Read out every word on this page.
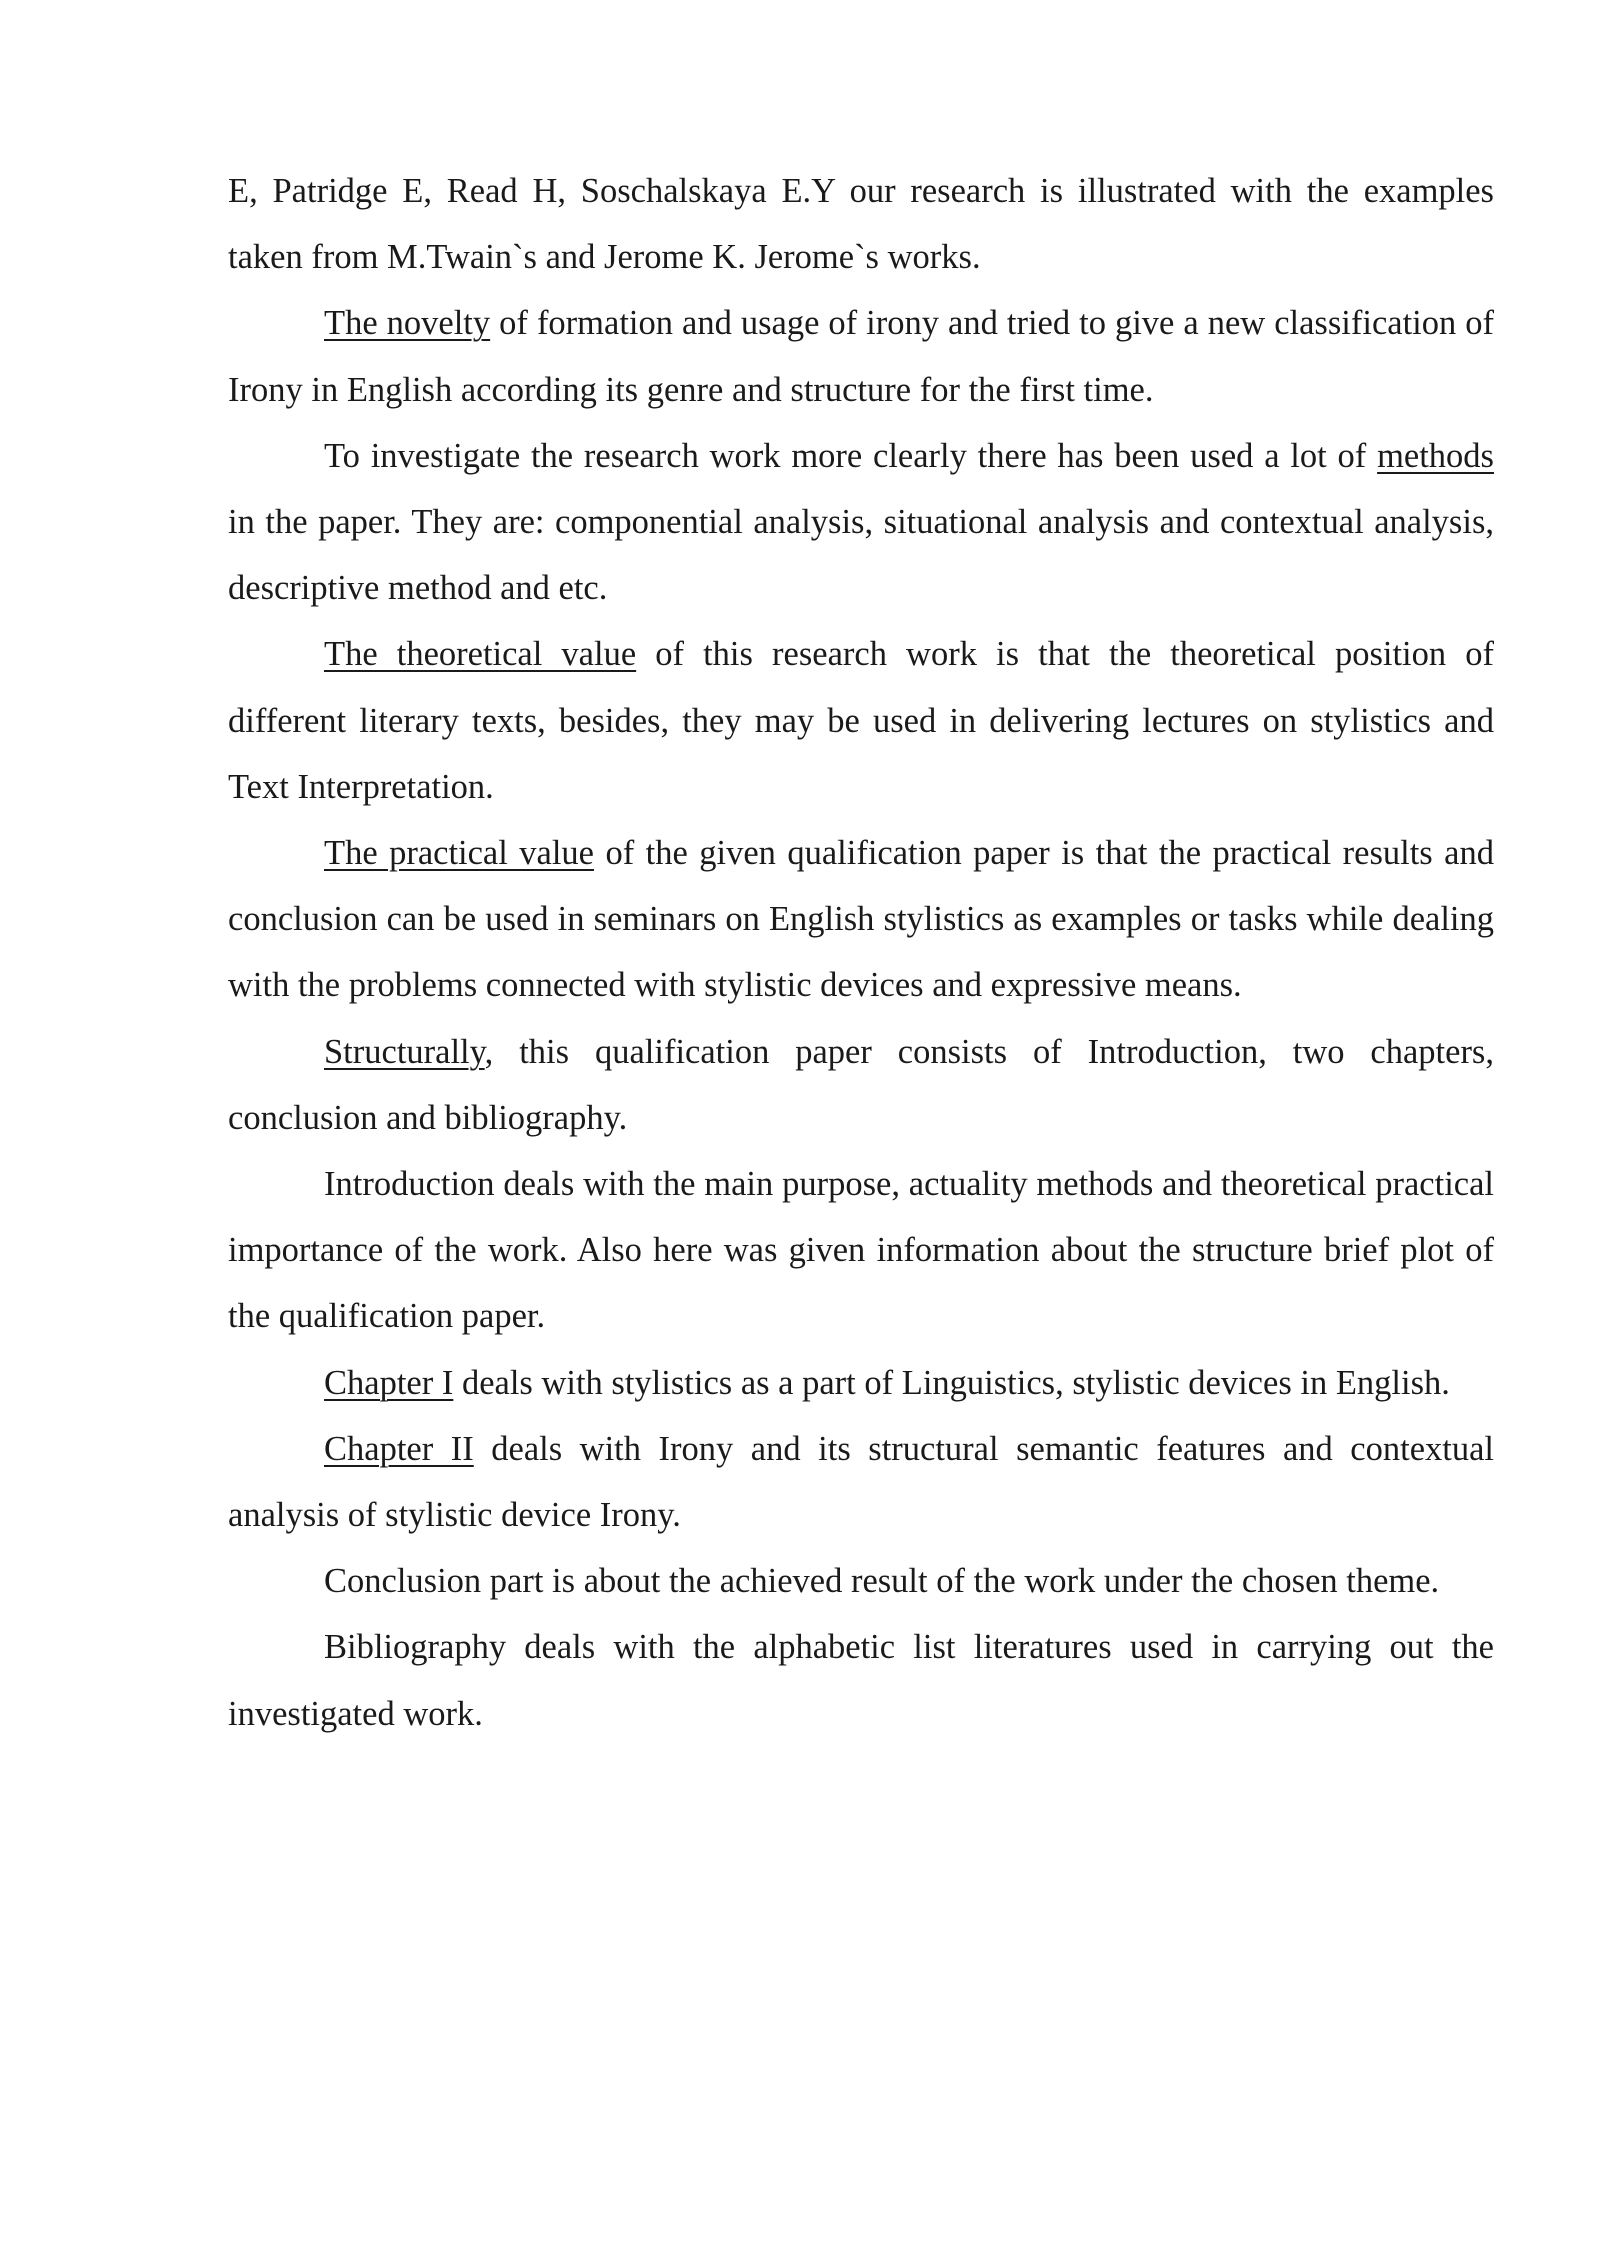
E, Patridge E, Read H, Soschalskaya E.Y our research is illustrated with the examples taken from M.Twain`s and Jerome K. Jerome`s works.

The novelty of formation and usage of irony and tried to give a new classification of Irony in English according its genre and structure for the first time.

To investigate the research work more clearly there has been used a lot of methods in the paper. They are: componential analysis, situational analysis and contextual analysis, descriptive method and etc.

The theoretical value of this research work is that the theoretical position of different literary texts, besides, they may be used in delivering lectures on stylistics and Text Interpretation.

The practical value of the given qualification paper is that the practical results and conclusion can be used in seminars on English stylistics as examples or tasks while dealing with the problems connected with stylistic devices and expressive means.

Structurally, this qualification paper consists of Introduction, two chapters, conclusion and bibliography.

Introduction deals with the main purpose, actuality methods and theoretical practical importance of the work. Also here was given information about the structure brief plot of the qualification paper.

Chapter I deals with stylistics as a part of Linguistics, stylistic devices in English.

Chapter II deals with Irony and its structural semantic features and contextual analysis of stylistic device Irony.

Conclusion part is about the achieved result of the work under the chosen theme.

Bibliography deals with the alphabetic list literatures used in carrying out the investigated work.
